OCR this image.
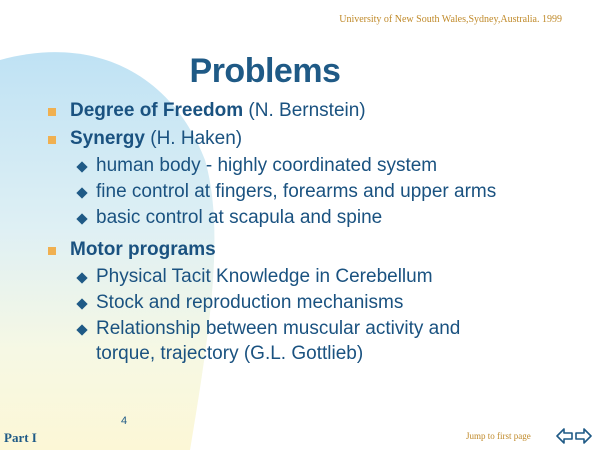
University of New South Wales,Sydney,Australia. 1999
Problems
Degree of Freedom (N. Bernstein)
Synergy (H. Haken)
human body - highly coordinated system
fine control at fingers, forearms and upper arms
basic control at scapula and spine
Motor programs
Physical Tacit Knowledge in Cerebellum
Stock and reproduction mechanisms
Relationship between muscular activity and
torque, trajectory (G.L. Gottlieb)
4
Part I	Jump to first page
